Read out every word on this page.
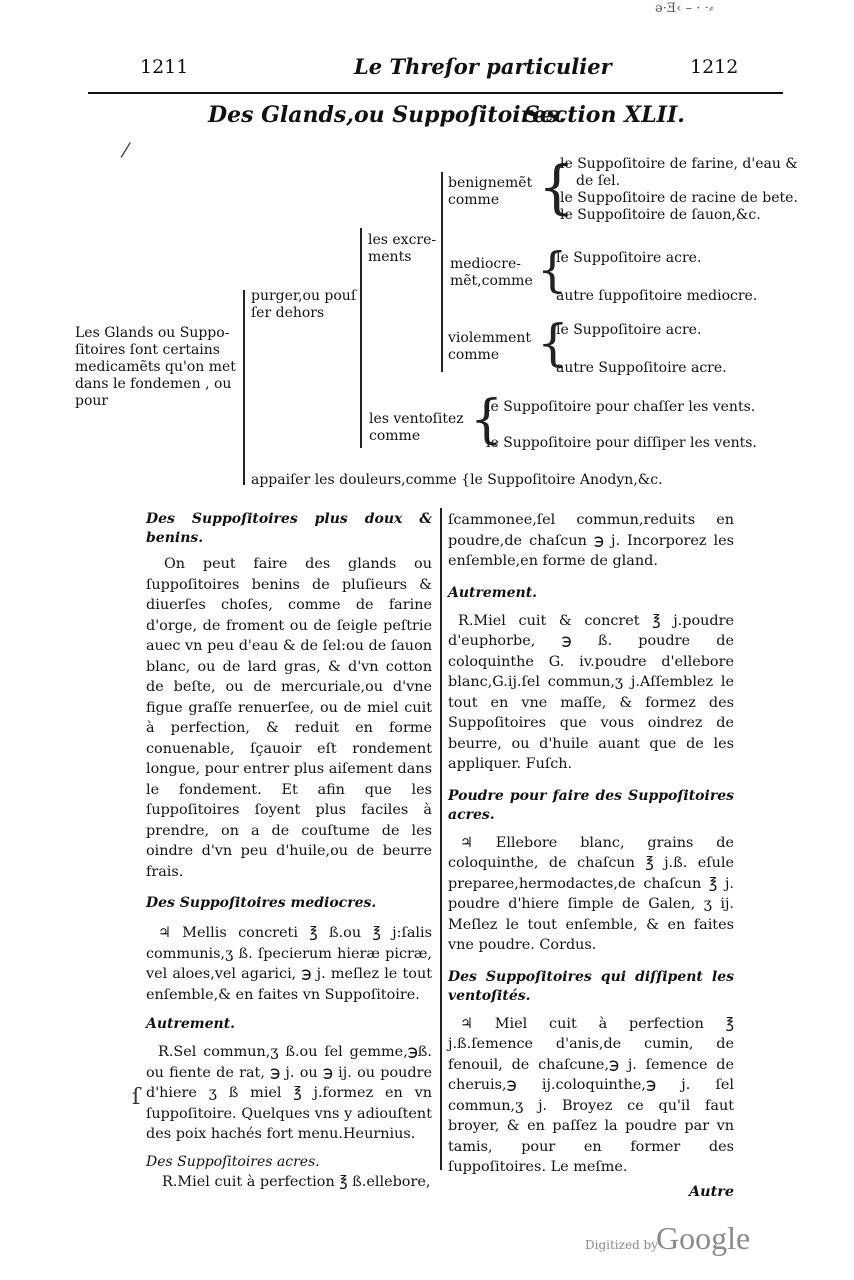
ǝ·Ǝ‹ – · ⋅⸗
1211	Le Threſor particulier	1212
Des Glands,ou Suppoſitoires.
Section XLII.
⁄
Les Glands ou Suppo-
ſitoires ſont certains
medicamẽts qu'on met
dans le fondemen , ou
pour
purger,ou pouſ
ſer dehors
les excre-
ments
benignemẽt
comme {
le Suppoſitoire de farine, d'eau &
de ſel.
le Suppoſitoire de racine de bete.
le Suppoſitoire de ſauon,&c.
mediocre-
mẽt,comme {
le Suppoſitoire acre.
autre ſuppoſitoire mediocre.
violemment
comme {
le Suppoſitoire acre.
autre Suppoſitoire acre.
les ventoſitez
comme {
le Suppoſitoire pour chaſſer les vents.
le Suppoſitoire pour diſſiper les vents.
appaiſer les douleurs,comme {le Suppoſitoire Anodyn,&c.

Des Suppoſitoires plus doux & benins.

On peut faire des glands ou ſuppoſitoires benins de pluſieurs & diuerſes choſes, comme de farine d'orge, de froment ou de ſeigle peſtrie auec vn peu d'eau & de ſel:ou de ſauon blanc, ou de lard gras, & d'vn cotton de beſte, ou de mercuriale,ou d'vne figue graſſe renuerſee, ou de miel cuit à perfection, & reduit en forme conuenable, ſçauoir eſt rondement longue, pour entrer plus aiſement dans le fondement. Et afin que les ſuppoſitoires ſoyent plus faciles à prendre, on a de couſtume de les oindre d'vn peu d'huile,ou de beurre frais.

Des Suppoſitoires mediocres.

♃ Mellis concreti ℥ ß.ou ℥ j:ſalis communis,ʒ ß. ſpecierum hieræ picræ, vel aloes,vel agarici, ℈ j. meſlez le tout enſemble,& en faites vn Suppoſitoire.

Autrement.

R.Sel commun,ʒ ß.ou ſel gemme,℈ß. ou fiente de rat, ℈ j. ou ℈ ij. ou poudre d'hiere ʒ ß miel ℥ j.formez en vn ſuppoſitoire. Quelques vns y adiouſtent des poix hachés fort menu.Heurnius.

Des Suppoſitoires acres.

R.Miel cuit à perfection ℥ ß.ellebore,

ſcammonee,ſel commun,reduits en poudre,de chaſcun ℈ j. Incorporez les enſemble,en forme de gland.

Autrement.

R.Miel cuit & concret ℥ j.poudre d'euphorbe, ℈ ß. poudre de coloquinthe G. iv.poudre d'ellebore blanc,G.ij.ſel commun,ʒ j.Aſſemblez le tout en vne maſſe, & formez des Suppoſitoires que vous oindrez de beurre, ou d'huile auant que de les appliquer. Fuſch.

Poudre pour faire des Suppoſitoires acres.

♃ Ellebore blanc, grains de coloquinthe, de chaſcun ℥ j.ß. eſule preparee,hermodactes,de chaſcun ℥ j. poudre d'hiere ſimple de Galen, ʒ ij. Meſlez le tout enſemble, & en faites vne poudre. Cordus.

Des Suppoſitoires qui diſſipent les ventoſités.

♃ Miel cuit à perfection ℥ j.ß.ſemence d'anis,de cumin, de fenouil, de chaſcune,℈ j. ſemence de cheruis,℈ ij.coloquinthe,℈ j. ſel commun,ʒ j. Broyez ce qu'il faut broyer, & en paſſez la poudre par vn tamis, pour en former des ſuppoſitoires. Le meſme.

Autre

ſ
Digitized by
Google
